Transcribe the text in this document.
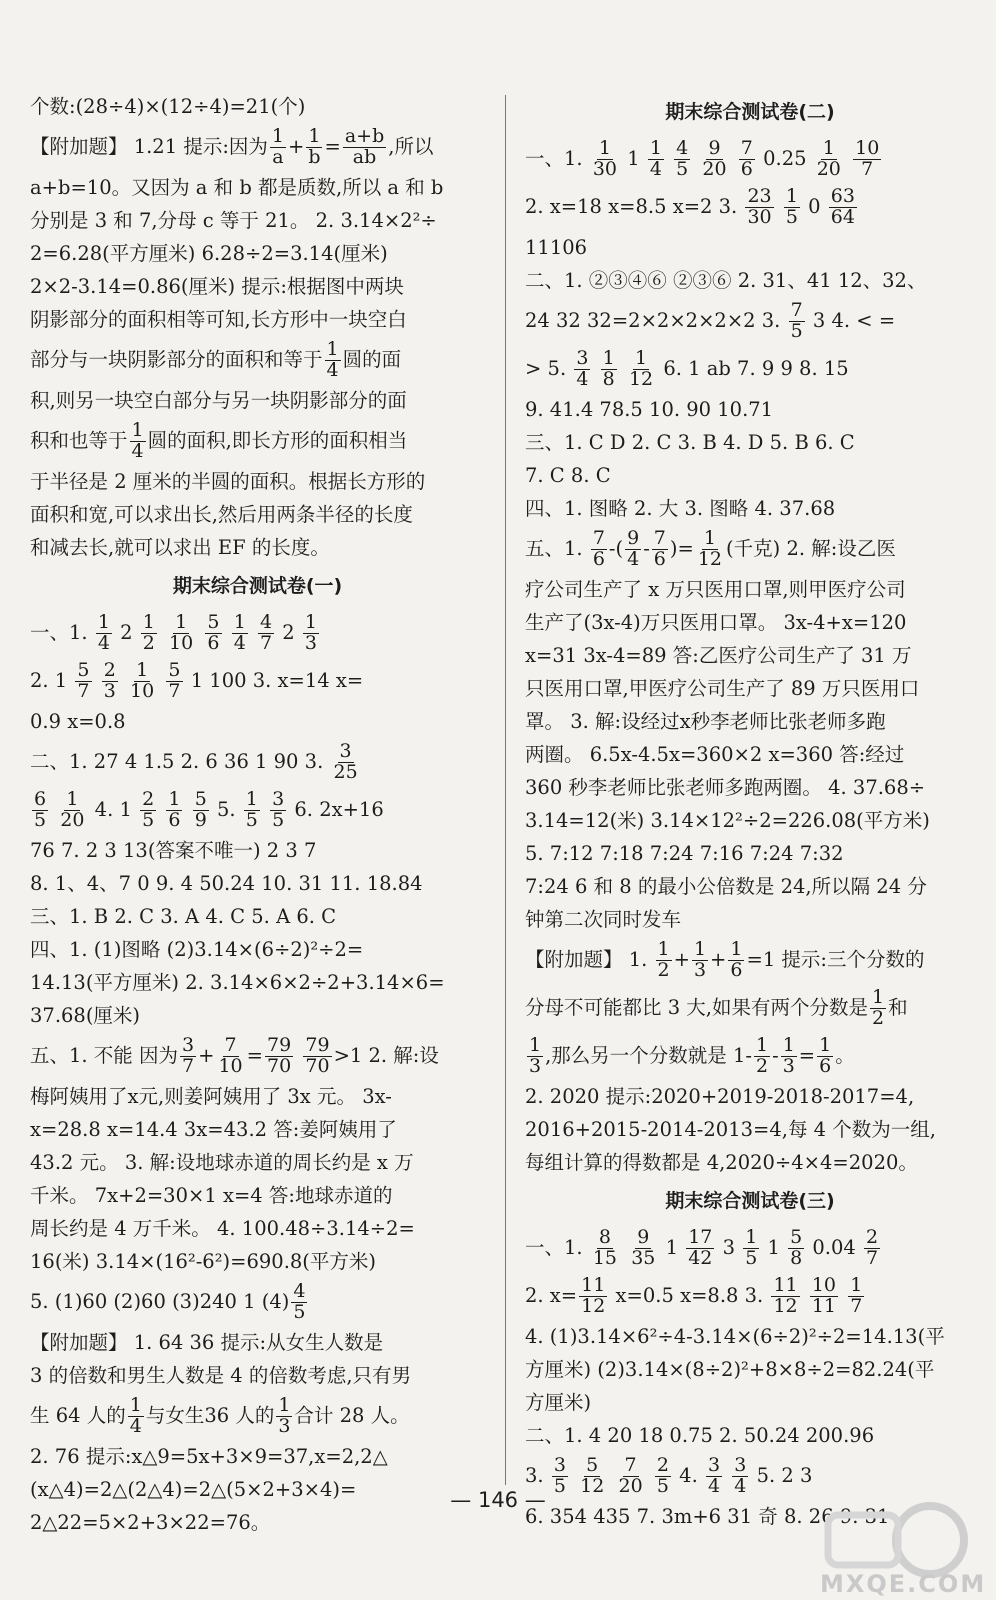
个数:(28÷4)×(12÷4)=21(个)
【附加题】 1.21 提示:因为 $\frac{1}{a} + \frac{1}{b} = \frac{a+b}{ab}$ ,所以
a+b=10。又因为 a 和 b 都是质数,所以 a 和 b
分别是 3 和 7,分母 c 等于 21。 2. 3.14×2²÷
2=6.28(平方厘米) 6.28÷2=3.14(厘米)
2×2-3.14=0.86(厘米) 提示:根据图中两块
阴影部分的面积相等可知,长方形中一块空白
部分与一块阴影部分的面积和等于 $\frac{1}{4}$ 圆的面
积,则另一块空白部分与另一块阴影部分的面
积和也等于 $\frac{1}{4}$ 圆的面积,即长方形的面积相当
于半径是 2 厘米的半圆的面积。根据长方形的
面积和宽,可以求出长,然后用两条半径的长度
和减去长,就可以求出 EF 的长度。
期末综合测试卷(一)
一、1. $\frac{1}{4} 2 \frac{1}{2}$
$\frac{1}{10}$
$\frac{5}{6}$
$\frac{1}{4}$
$\frac{4}{7} 2 \frac{1}{3}$
2. $1 \frac{5}{7}$
$\frac{2}{3}$
$\frac{1}{10}$
$\frac{5}{7} 1$ 100 3. x=14 x=
0.9 x=0.8
二、1. 27 4 1.5 2. 6 36 1 90 3. $\frac{3}{25}$
$\frac{6}{5}$
$\frac{1}{20} 4$. $1 \frac{2}{5}$
$\frac{1}{6}$
$\frac{5}{9} 5$. $\frac{1}{5}$
$\frac{3}{5} 6$. 2x+16
76 7. 2 3 13(答案不唯一) 2 3 7
8. 1、4、7 0 9. 4 50.24 10. 31 11. 18.84
三、1. B 2. C 3. A 4. C 5. A 6. C
四、1. (1)图略 (2)3.14×(6÷2)²÷2=
14.13(平方厘米) 2. 3.14×6×2÷2+3.14×6=
37.68(厘米)
五、1. 不能 因为 $\frac{3}{7} + \frac{7}{10} = \frac{79}{70}$
$\frac{79}{70} >1$ 2. 解:设
梅阿姨用了x元,则姜阿姨用了 3x 元。 3x-
x=28.8 x=14.4 3x=43.2 答:姜阿姨用了
43.2 元。 3. 解:设地球赤道的周长约是 x 万
千米。 7x+2=30×1 x=4 答:地球赤道的
周长约是 4 万千米。 4. 100.48÷3.14÷2=
16(米) 3.14×(16²-6²)=690.8(平方米)
5. (1)60 (2)60 (3)240 1 $(4) \frac{4}{5}$
【附加题】 1. 64 36 提示:从女生人数是
3 的倍数和男生人数是 4 的倍数考虑,只有男
生 64 人的 $\frac{1}{4}$ 与女生36 人的 $\frac{1}{3}$ 合计 28 人。
2. 76 提示:x△9=5x+3×9=37,x=2,2△
(x△4)=2△(2△4)=2△(5×2+3×4)=
2△22=5×2+3×22=76。
期末综合测试卷(二)
一、1. $\frac{1}{30} 1 \frac{1}{4}$
$\frac{4}{5}$
$\frac{9}{20}$
$\frac{7}{6} 0.25 \frac{1}{20}$
$\frac{10}{7}$
2. x=18 x=8.5 x=2 3. $\frac{23}{30}$
$\frac{1}{5} 0 \frac{63}{64}$
11106
二、1. ②③④⑥ ②③⑥ 2. 31、41 12、32、
24 32 32=2×2×2×2×2 3. $\frac{7}{5} 3$ 4. < =
> 5. $\frac{3}{4}$
$\frac{1}{8}$
$\frac{1}{12} 6$. 1 ab 7. 9 9 8. 15
9. 41.4 78.5 10. 90 10.71
三、1. C D 2. C 3. B 4. D 5. B 6. C
7. C 8. C
四、1. 图略 2. 大 3. 图略 4. 37.68
五、1. $\frac{7}{6}$ -( $\frac{9}{4} - \frac{7}{6}$ )= $\frac{1}{12}$ (千克) 2. 解:设乙医
疗公司生产了 x 万只医用口罩,则甲医疗公司
生产了(3x-4)万只医用口罩。 3x-4+x=120
x=31 3x-4=89 答:乙医疗公司生产了 31 万
只医用口罩,甲医疗公司生产了 89 万只医用口
罩。 3. 解:设经过x秒李老师比张老师多跑
两圈。 6.5x-4.5x=360×2 x=360 答:经过
360 秒李老师比张老师多跑两圈。 4. 37.68÷
3.14=12(米) 3.14×12²÷2=226.08(平方米)
5. 7:12 7:18 7:24 7:16 7:24 7:32
7:24 6 和 8 的最小公倍数是 24,所以隔 24 分
钟第二次同时发车
【附加题】 1. $\frac{1}{2} + \frac{1}{3} + \frac{1}{6} =1$ 提示:三个分数的
分母不可能都比 3 大,如果有两个分数是 $\frac{1}{2}$ 和
$\frac{1}{3}$ ,那么另一个分数就是 $1- \frac{1}{2} - \frac{1}{3} = \frac{1}{6}$ 。
2. 2020 提示:2020+2019-2018-2017=4,
2016+2015-2014-2013=4,每 4 个数为一组,
每组计算的得数都是 4,2020÷4×4=2020。
期末综合测试卷(三)
一、1. $\frac{8}{15}$
$\frac{9}{35} 1 \frac{17}{42} 3 \frac{1}{5} 1 \frac{5}{8} 0.04 \frac{2}{7}$
2. $x= \frac{11}{12} x=0.5$ x=8.8 3. $\frac{11}{12}$
$\frac{10}{11}$
$\frac{1}{7}$
4. (1)3.14×6²÷4-3.14×(6÷2)²÷2=14.13(平
方厘米) (2)3.14×(8÷2)²+8×8÷2=82.24(平
方厘米)
二、1. 4 20 18 0.75 2. 50.24 200.96
3. $\frac{3}{5}$
$\frac{5}{12}$
$\frac{7}{20}$
$\frac{2}{5} 4$. $\frac{3}{4}$
$\frac{3}{4} 5$. 2 3
6. 354 435 7. 3m+6 31 奇 8. 26 9. 31
— 146 —
MXQE.COM
